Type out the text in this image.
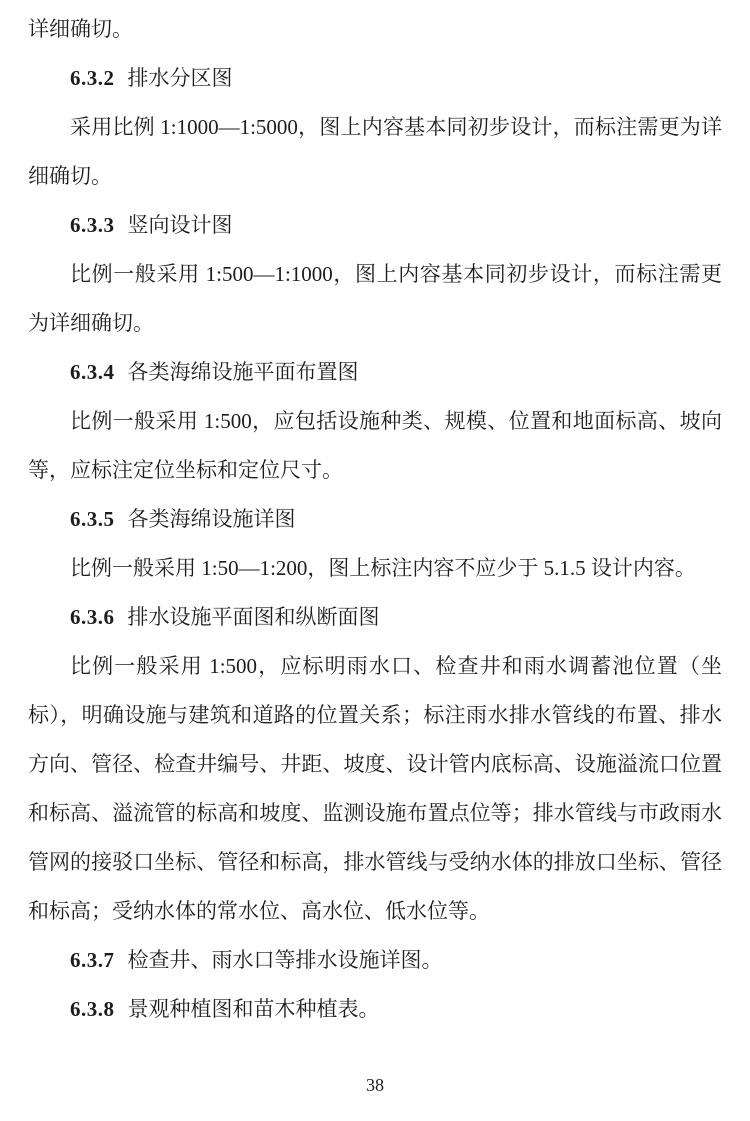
详细确切。

6.3.2 排水分区图

采用比例 1:1000—1:5000，图上内容基本同初步设计，而标注需更为详细确切。

6.3.3 竖向设计图

比例一般采用 1:500—1:1000，图上内容基本同初步设计，而标注需更为详细确切。

6.3.4 各类海绵设施平面布置图

比例一般采用 1:500，应包括设施种类、规模、位置和地面标高、坡向等，应标注定位坐标和定位尺寸。

6.3.5 各类海绵设施详图

比例一般采用 1:50—1:200，图上标注内容不应少于 5.1.5 设计内容。

6.3.6 排水设施平面图和纵断面图

比例一般采用 1:500，应标明雨水口、检查井和雨水调蓄池位置（坐标），明确设施与建筑和道路的位置关系；标注雨水排水管线的布置、排水方向、管径、检查井编号、井距、坡度、设计管内底标高、设施溢流口位置和标高、溢流管的标高和坡度、监测设施布置点位等；排水管线与市政雨水管网的接驳口坐标、管径和标高，排水管线与受纳水体的排放口坐标、管径和标高；受纳水体的常水位、高水位、低水位等。

6.3.7 检查井、雨水口等排水设施详图。

6.3.8 景观种植图和苗木种植表。

38
